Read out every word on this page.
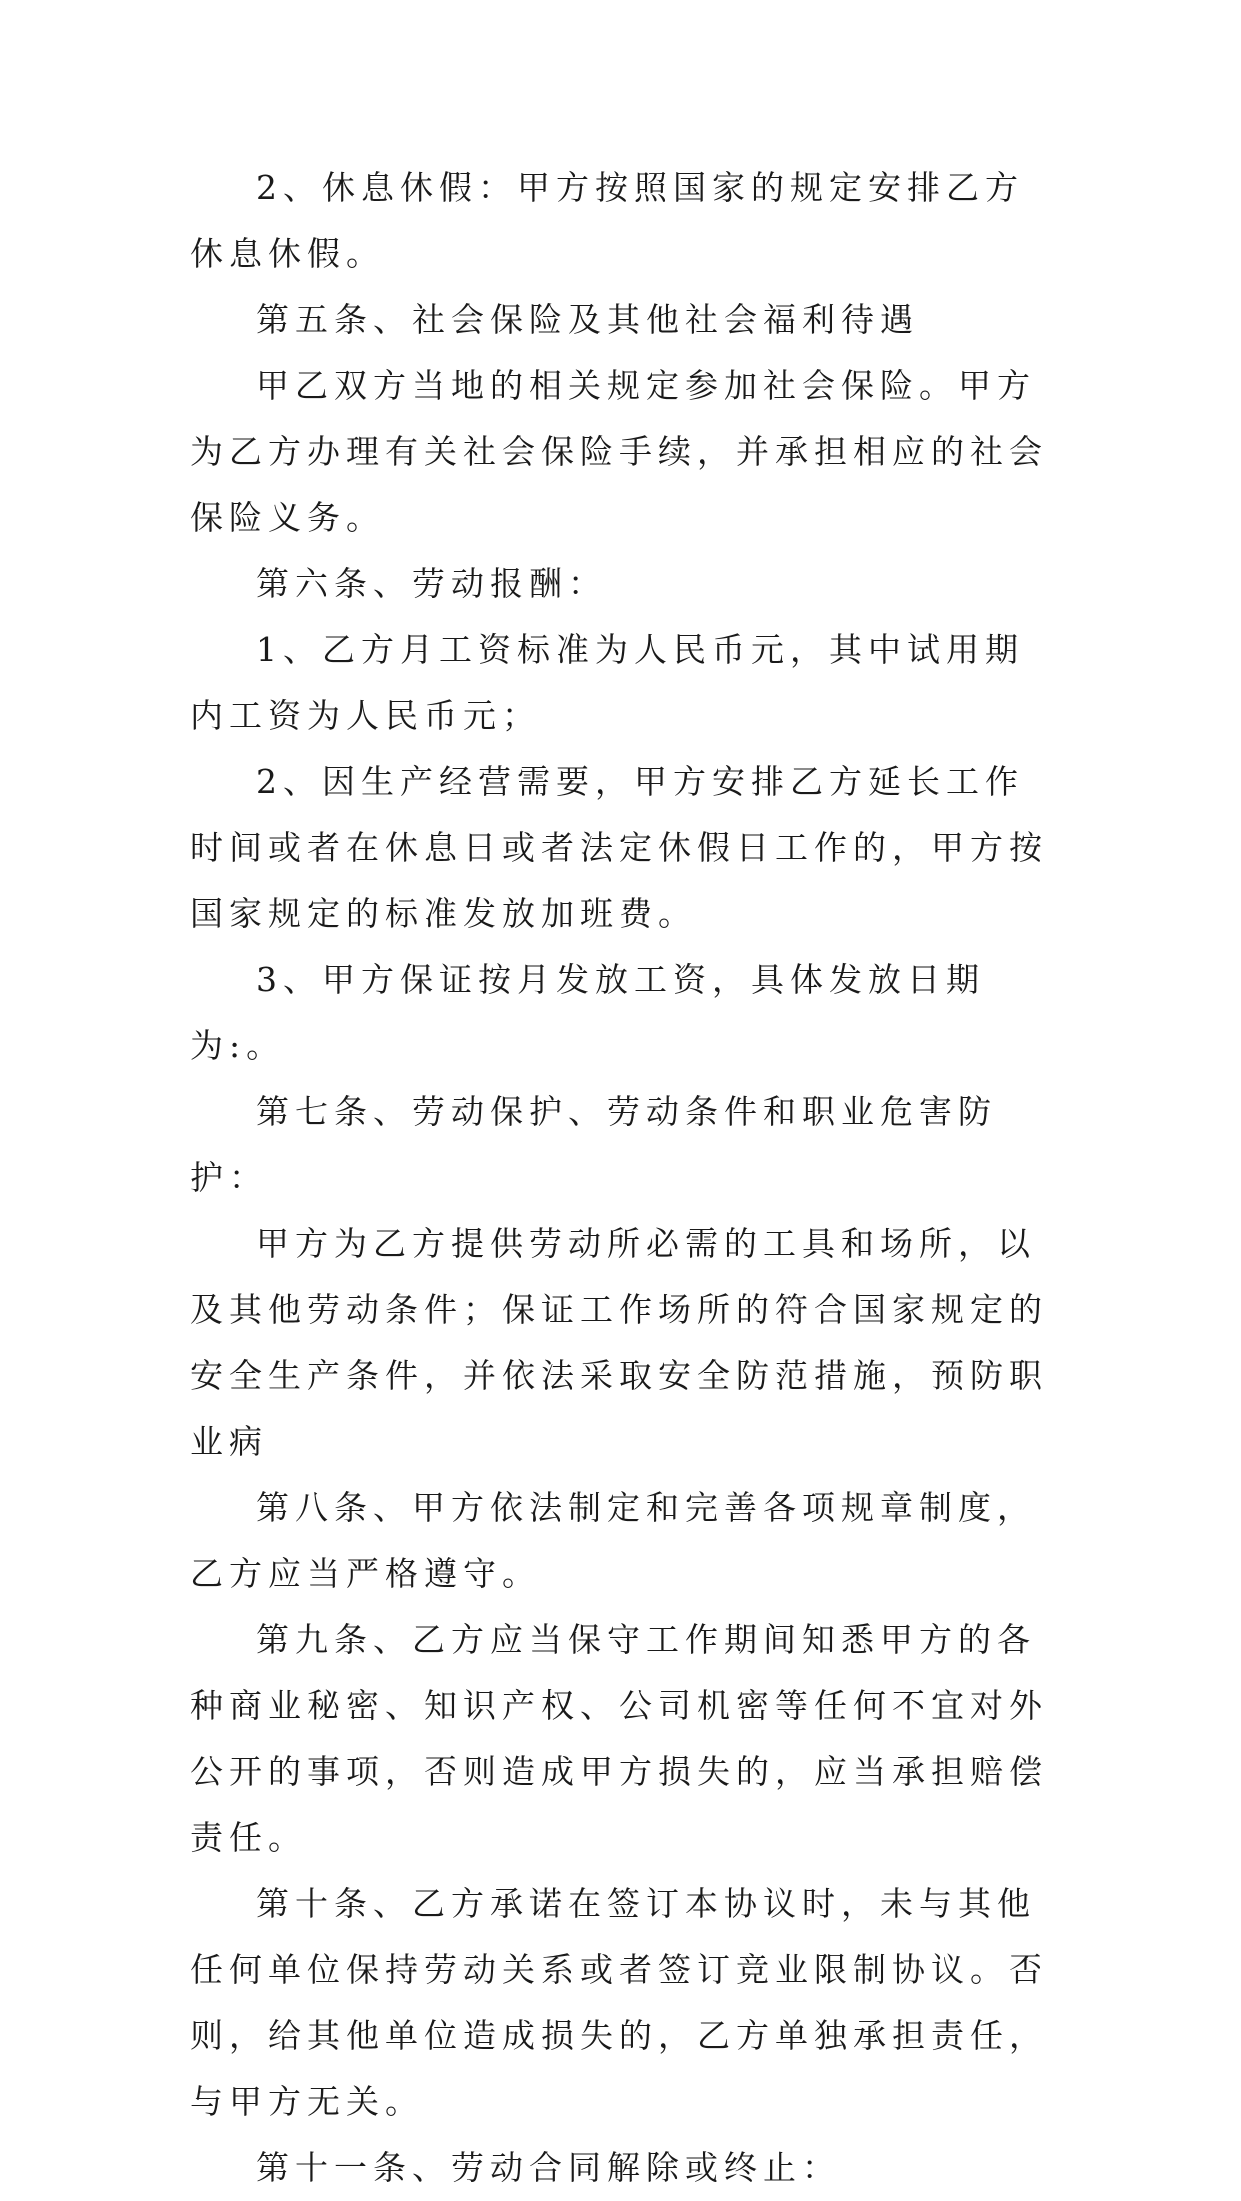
2、休息休假：甲方按照国家的规定安排乙方休息休假。

第五条、社会保险及其他社会福利待遇

甲乙双方当地的相关规定参加社会保险。甲方为乙方办理有关社会保险手续，并承担相应的社会保险义务。

第六条、劳动报酬：

1、乙方月工资标准为人民币元，其中试用期内工资为人民币元；

2、因生产经营需要，甲方安排乙方延长工作时间或者在休息日或者法定休假日工作的，甲方按国家规定的标准发放加班费。

3、甲方保证按月发放工资，具体发放日期为:。

第七条、劳动保护、劳动条件和职业危害防护：

甲方为乙方提供劳动所必需的工具和场所，以及其他劳动条件；保证工作场所的符合国家规定的安全生产条件，并依法采取安全防范措施，预防职业病

第八条、甲方依法制定和完善各项规章制度，乙方应当严格遵守。

第九条、乙方应当保守工作期间知悉甲方的各种商业秘密、知识产权、公司机密等任何不宜对外公开的事项，否则造成甲方损失的，应当承担赔偿责任。

第十条、乙方承诺在签订本协议时，未与其他任何单位保持劳动关系或者签订竞业限制协议。否则，给其他单位造成损失的，乙方单独承担责任，与甲方无关。

第十一条、劳动合同解除或终止：
